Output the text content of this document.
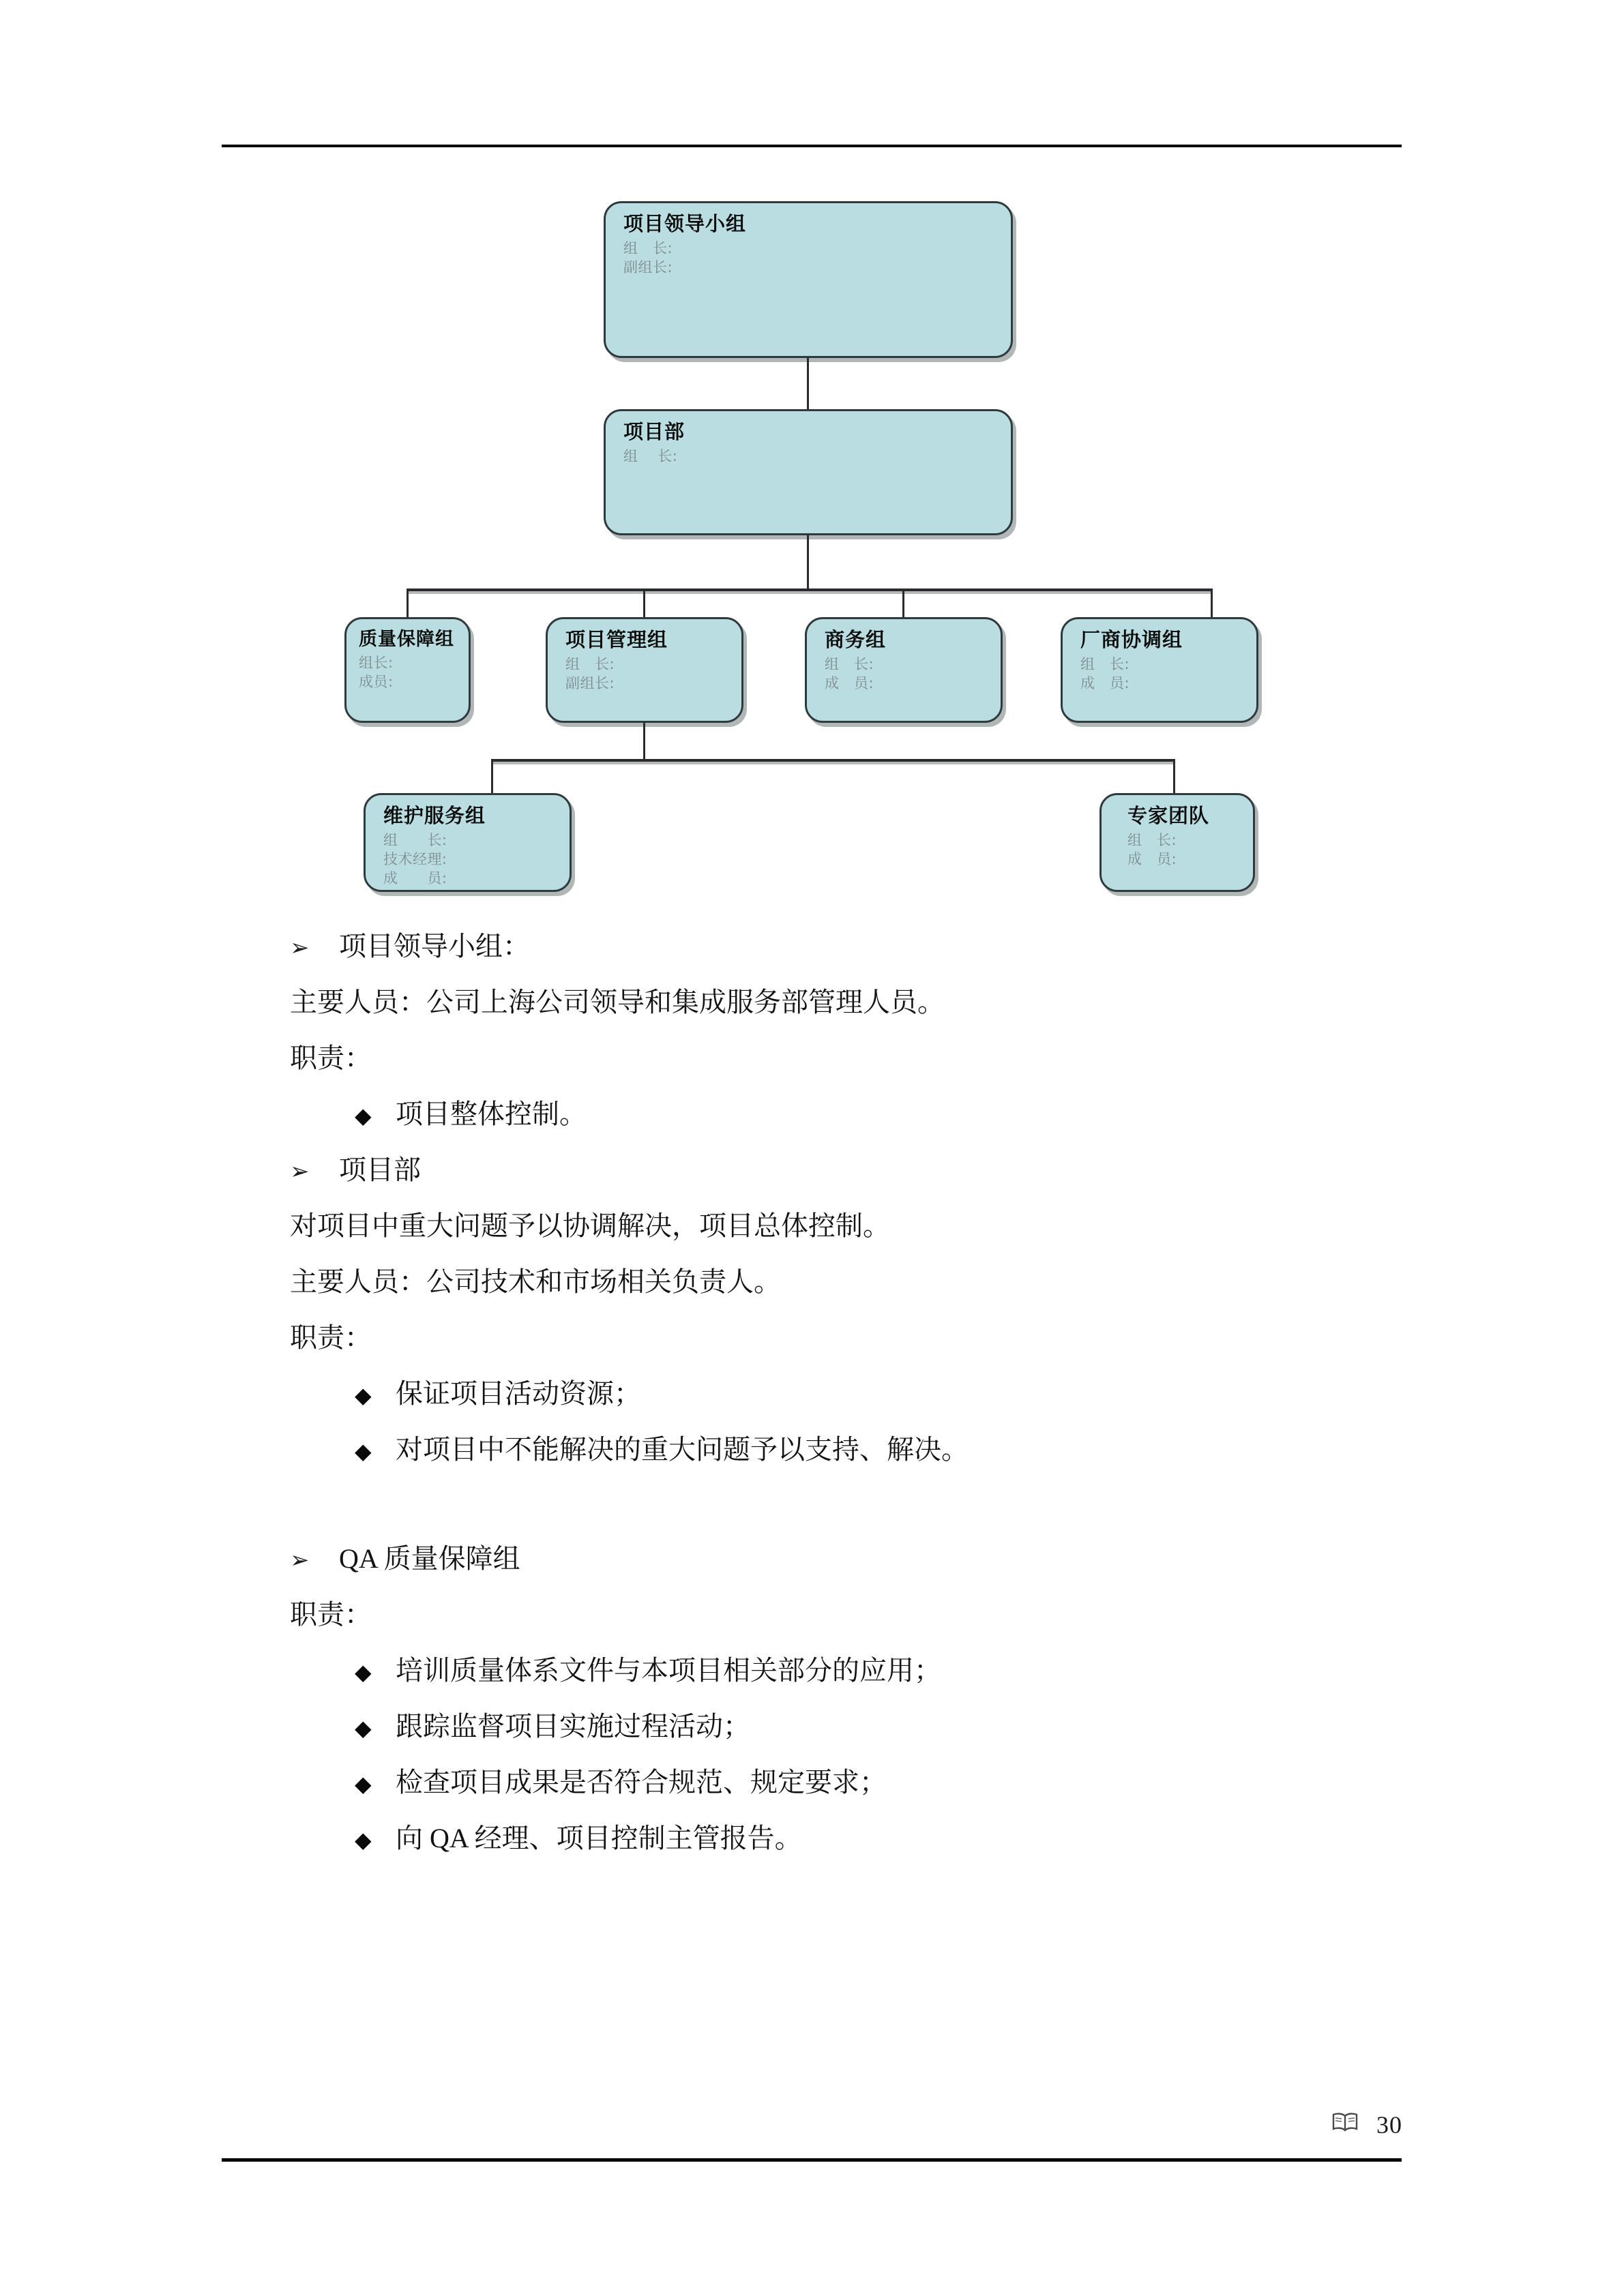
项目领导小组
组   长:
副组长:
项目部
组    长:
质量保障组
组长:
成员:
项目管理组
组   长:
副组长:
商务组
组   长:
成   员:
厂商协调组
组   长:
成   员:
维护服务组
组      长:
技术经理:
成      员:
专家团队
组   长:
成   员:
➢	项目领导小组：
主要人员：公司上海公司领导和集成服务部管理人员。
职责：
◆ 项目整体控制。
➢	项目部
对项目中重大问题予以协调解决，项目总体控制。
主要人员：公司技术和市场相关负责人。
职责：
◆ 保证项目活动资源；
◆ 对项目中不能解决的重大问题予以支持、解决。
➢	QA 质量保障组
职责：
◆ 培训质量体系文件与本项目相关部分的应用；
◆ 跟踪监督项目实施过程活动；
◆ 检查项目成果是否符合规范、规定要求；
◆ 向 QA 经理、项目控制主管报告。
30
